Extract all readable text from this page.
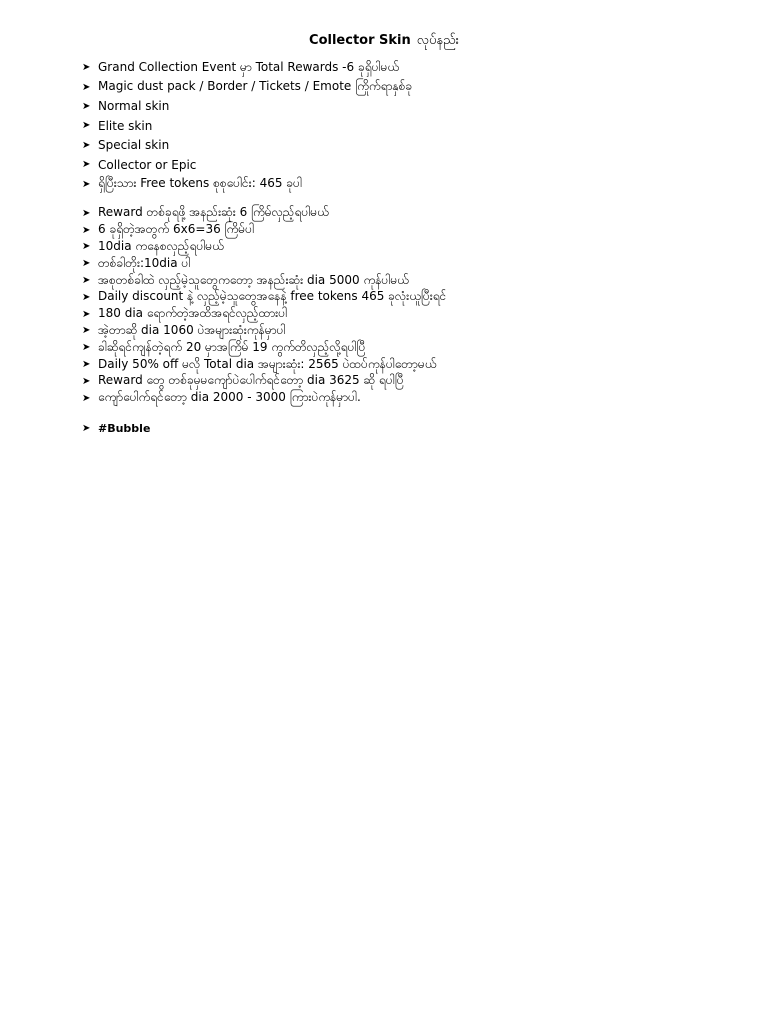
Collector Skin လုပ်နည်း
➤ Grand Collection Event မှာ Total Rewards -6 ခုရှိပါမယ်
➤ Magic dust pack / Border / Tickets / Emote ကြိုက်ရာနှစ်ခု
➤ Normal skin
➤ Elite skin
➤ Special skin
➤ Collector or Epic
➤ ရှိပြီးသား Free tokens စုစုပေါင်း: 465 ခုပါ
➤ Reward တစ်ခုရဖို့ အနည်းဆုံး 6 ကြိမ်လှည့်ရပါမယ်
➤ 6 ခုရှိတဲ့အတွက် 6x6=36 ကြိမ်ပါ
➤ 10dia ကနေစလှည့်ရပါမယ်
➤ တစ်ခါတိုး:10dia ပါ
➤ အစုတစ်ခါထဲ လှည့်မဲ့သူတွေကတော့ အနည်းဆုံး dia 5000 ကုန်ပါမယ်
➤ Daily discount နဲ့ လှည့်မဲ့သူတွေအနေနဲ့ free tokens 465 ခုလုံးယူပြီးရင်
➤ 180 dia ရောက်တဲ့အထိအရင်လှည့်ထားပါ
➤ အဲ့တာဆို dia 1060 ပဲအများဆုံးကုန်မှာပါ
➤ ခါဆိုရင်ကျန်တဲ့ရက် 20 မှာအကြိမ် 19 ကွက်တိလှည့်လို့ရပါပြီ
➤ Daily 50% off မလို Total dia အများဆုံး: 2565 ပဲထပ်ကုန်ပါတော့မယ်
➤ Reward တွေ တစ်ခုမှမကျော်ပဲပေါက်ရင်တော့ dia 3625 ဆို ရပါပြီ
➤ ကျော်ပေါက်ရင်တော့ dia 2000 - 3000 ကြားပဲကုန်မှာပါ.
➤ #Bubble
